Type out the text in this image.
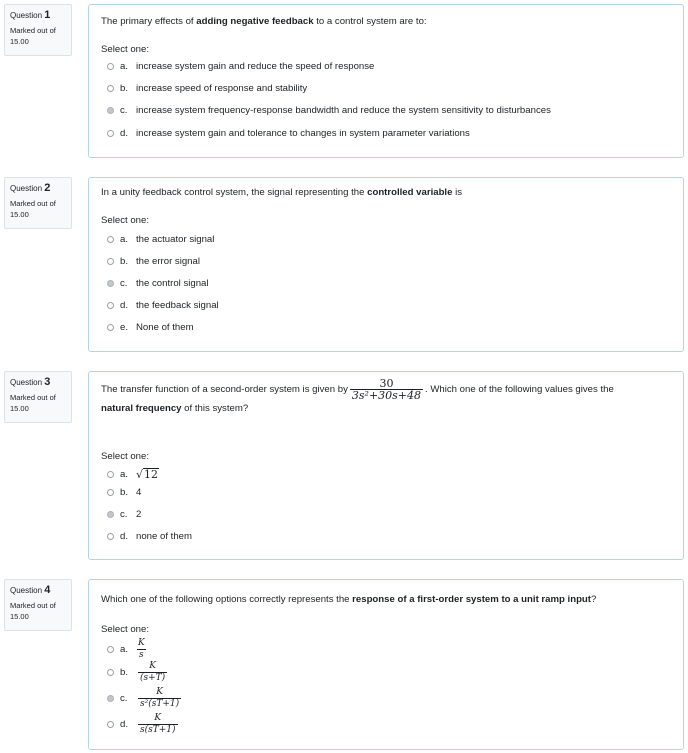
Question 1
Marked out of
15.00
The primary effects of adding negative feedback to a control system are to:
Select one:
a. increase system gain and reduce the speed of response
b. increase speed of response and stability
c. increase system frequency-response bandwidth and reduce the system sensitivity to disturbances
d. increase system gain and tolerance to changes in system parameter variations
Question 2
Marked out of
15.00
In a unity feedback control system, the signal representing the controlled variable is
Select one:
a. the actuator signal
b. the error signal
c. the control signal
d. the feedback signal
e. None of them
Question 3
Marked out of
15.00
The transfer function of a second-order system is given by $\frac{30}{\text{3s²+30s+48}}$ . Which one of the following values gives the
natural frequency of this system?
Select one:
a. √ 12
b. 4
c. 2
d. none of them
Question 4
Marked out of
15.00
Which one of the following options correctly represents the response of a first-order system to a unit ramp input?
Select one:
a. $\frac{K}{s}$
b.	$\frac{K}{(s+T)}$
c.	$\frac{K}{\text{s²(sT+1)}}$
d.	$\frac{K}{s(sT+1)}$
